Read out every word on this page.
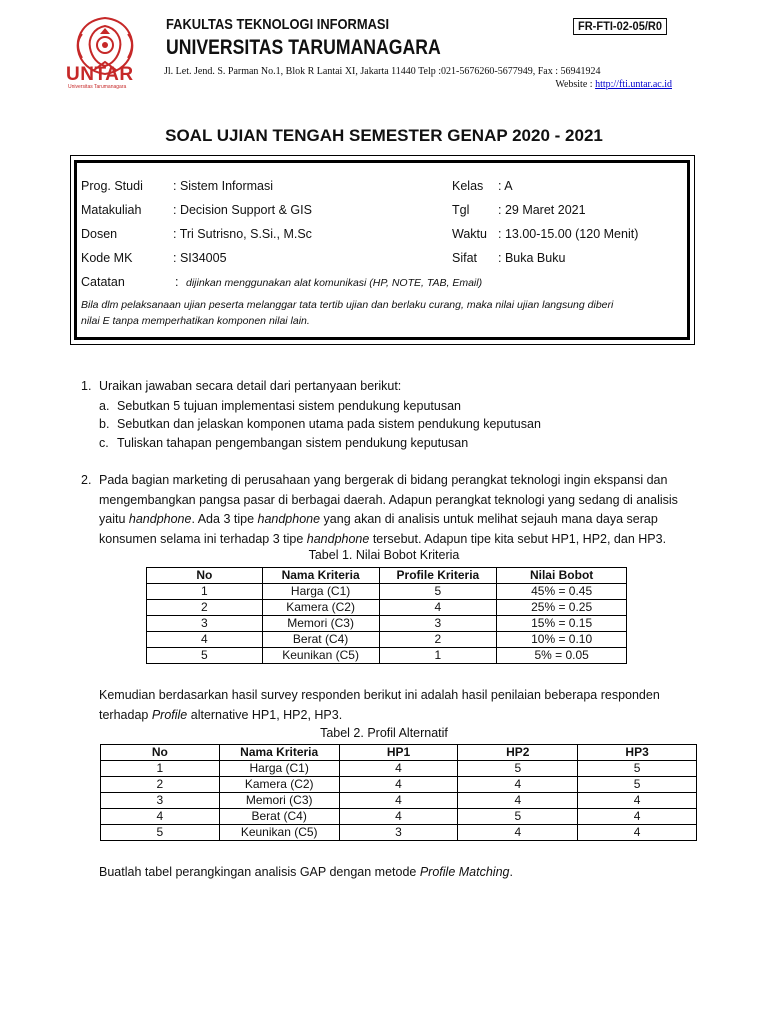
UNTAR
Universitas Tarumanagara
FAKULTAS TEKNOLOGI INFORMASI
UNIVERSITAS TARUMANAGARA
FR-FTI-02-05/R0
Jl. Let. Jend. S. Parman No.1, Blok R Lantai XI, Jakarta 11440 Telp :021-5676260-5677949, Fax : 56941924
Website : http://fti.untar.ac.id
SOAL UJIAN TENGAH SEMESTER GENAP 2020 - 2021
Prog. Studi : Sistem Informasi
Matakuliah	: Decision Support & GIS
Dosen	: Tri Sutrisno, S.Si., M.Sc
Kode MK	: SI34005
Catatan	: dijinkan menggunakan alat komunikasi (HP, NOTE, TAB, Email)
Kelas : A
Tgl : 29 Maret 2021
Waktu : 13.00-15.00 (120 Menit)
Sifat : Buka Buku
Bila dlm pelaksanaan ujian peserta melanggar tata tertib ujian dan berlaku curang, maka nilai ujian langsung diberi
nilai E tanpa memperhatikan komponen nilai lain.
1. Uraikan jawaban secara detail dari pertanyaan berikut:
a. Sebutkan 5 tujuan implementasi sistem pendukung keputusan
b. Sebutkan dan jelaskan komponen utama pada sistem pendukung keputusan
c. Tuliskan tahapan pengembangan sistem pendukung keputusan
2. Pada bagian marketing di perusahaan yang bergerak di bidang perangkat teknologi ingin ekspansi dan
mengembangkan pangsa pasar di berbagai daerah. Adapun perangkat teknologi yang sedang di analisis
yaitu handphone. Ada 3 tipe handphone yang akan di analisis untuk melihat sejauh mana daya serap
konsumen selama ini terhadap 3 tipe handphone tersebut. Adapun tipe kita sebut HP1, HP2, dan HP3.
Tabel 1. Nilai Bobot Kriteria
No	Nama Kriteria	Profile Kriteria	Nilai Bobot
1	Harga (C1)	5	45% = 0.45
2	Kamera (C2)	4	25% = 0.25
3	Memori (C3)	3	15% = 0.15
4	Berat (C4)	2	10% = 0.10
5	Keunikan (C5)	1	5% = 0.05
Kemudian berdasarkan hasil survey responden berikut ini adalah hasil penilaian beberapa responden
terhadap Profile alternative HP1, HP2, HP3.
Tabel 2. Profil Alternatif
No	Nama Kriteria	HP1	HP2	HP3
1	Harga (C1)	4	5	5
2	Kamera (C2)	4	4	5
3	Memori (C3)	4	4	4
4	Berat (C4)	4	5	4
5	Keunikan (C5)	3	4	4
Buatlah tabel perangkingan analisis GAP dengan metode Profile Matching.
